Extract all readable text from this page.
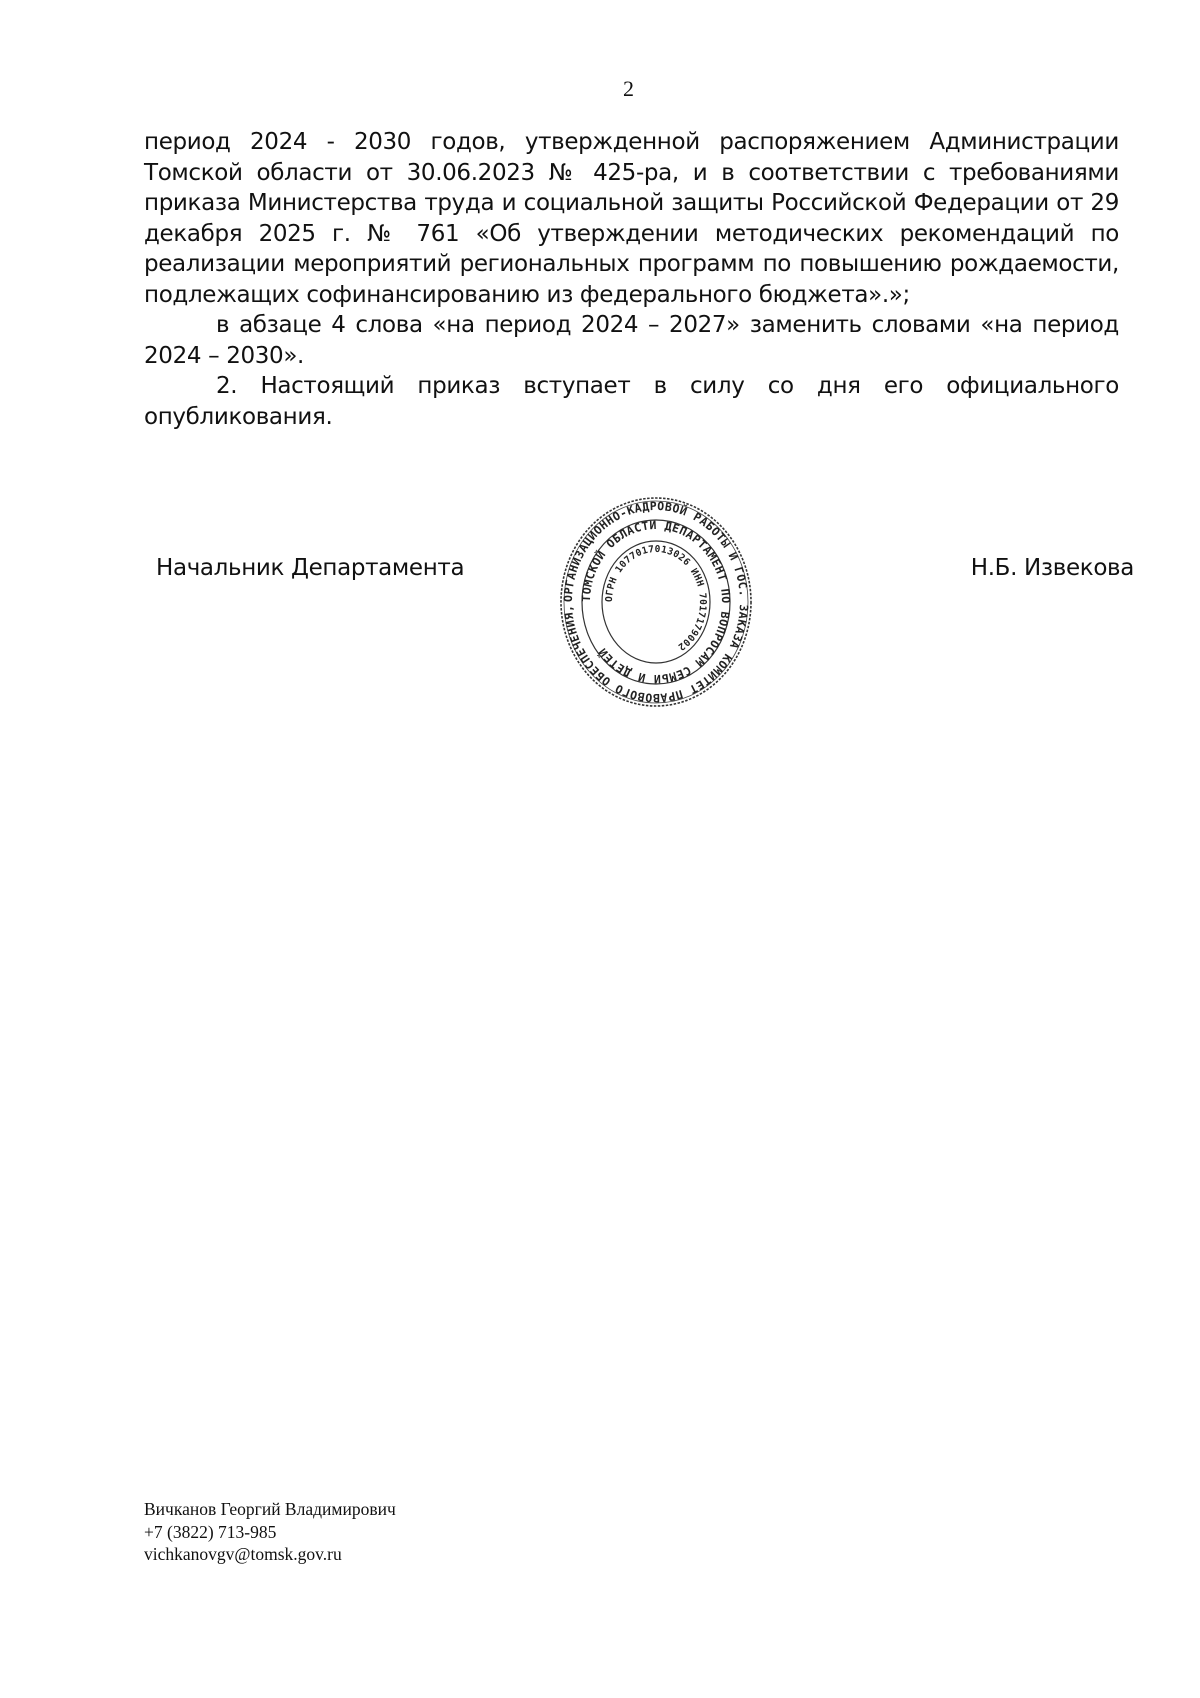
2

период 2024 - 2030 годов, утвержденной распоряжением Администрации Томской области от 30.06.2023 № 425-ра, и в соответствии с требованиями приказа Министерства труда и социальной защиты Российской Федерации от 29 декабря 2025 г. № 761 «Об утверждении методических рекомендаций по реализации мероприятий региональных программ по повышению рождаемости, подлежащих софинансированию из федерального бюджета».»;

в абзаце 4 слова «на период 2024 – 2027» заменить словами «на период 2024 – 2030».

2. Настоящий приказ вступает в силу со дня его официального опубликования.

Начальник Департамента
ОРГАНИЗАЦИОННО-КАДРОВОЙ РАБОТЫ И ГОС. ЗАКАЗА КОМИТЕТ ПРАВОВОГО ОБЕСПЕЧЕНИЯ,
ТОМСКОЙ ОБЛАСТИ ДЕПАРТАМЕНТ ПО ВОПРОСАМ СЕМЬИ И ДЕТЕЙ
ОГРН 1077017013026 ИНН 7017179002
Н.Б. Извекова
Вичканов Георгий Владимирович
+7 (3822) 713-985
vichkanovgv@tomsk.gov.ru
